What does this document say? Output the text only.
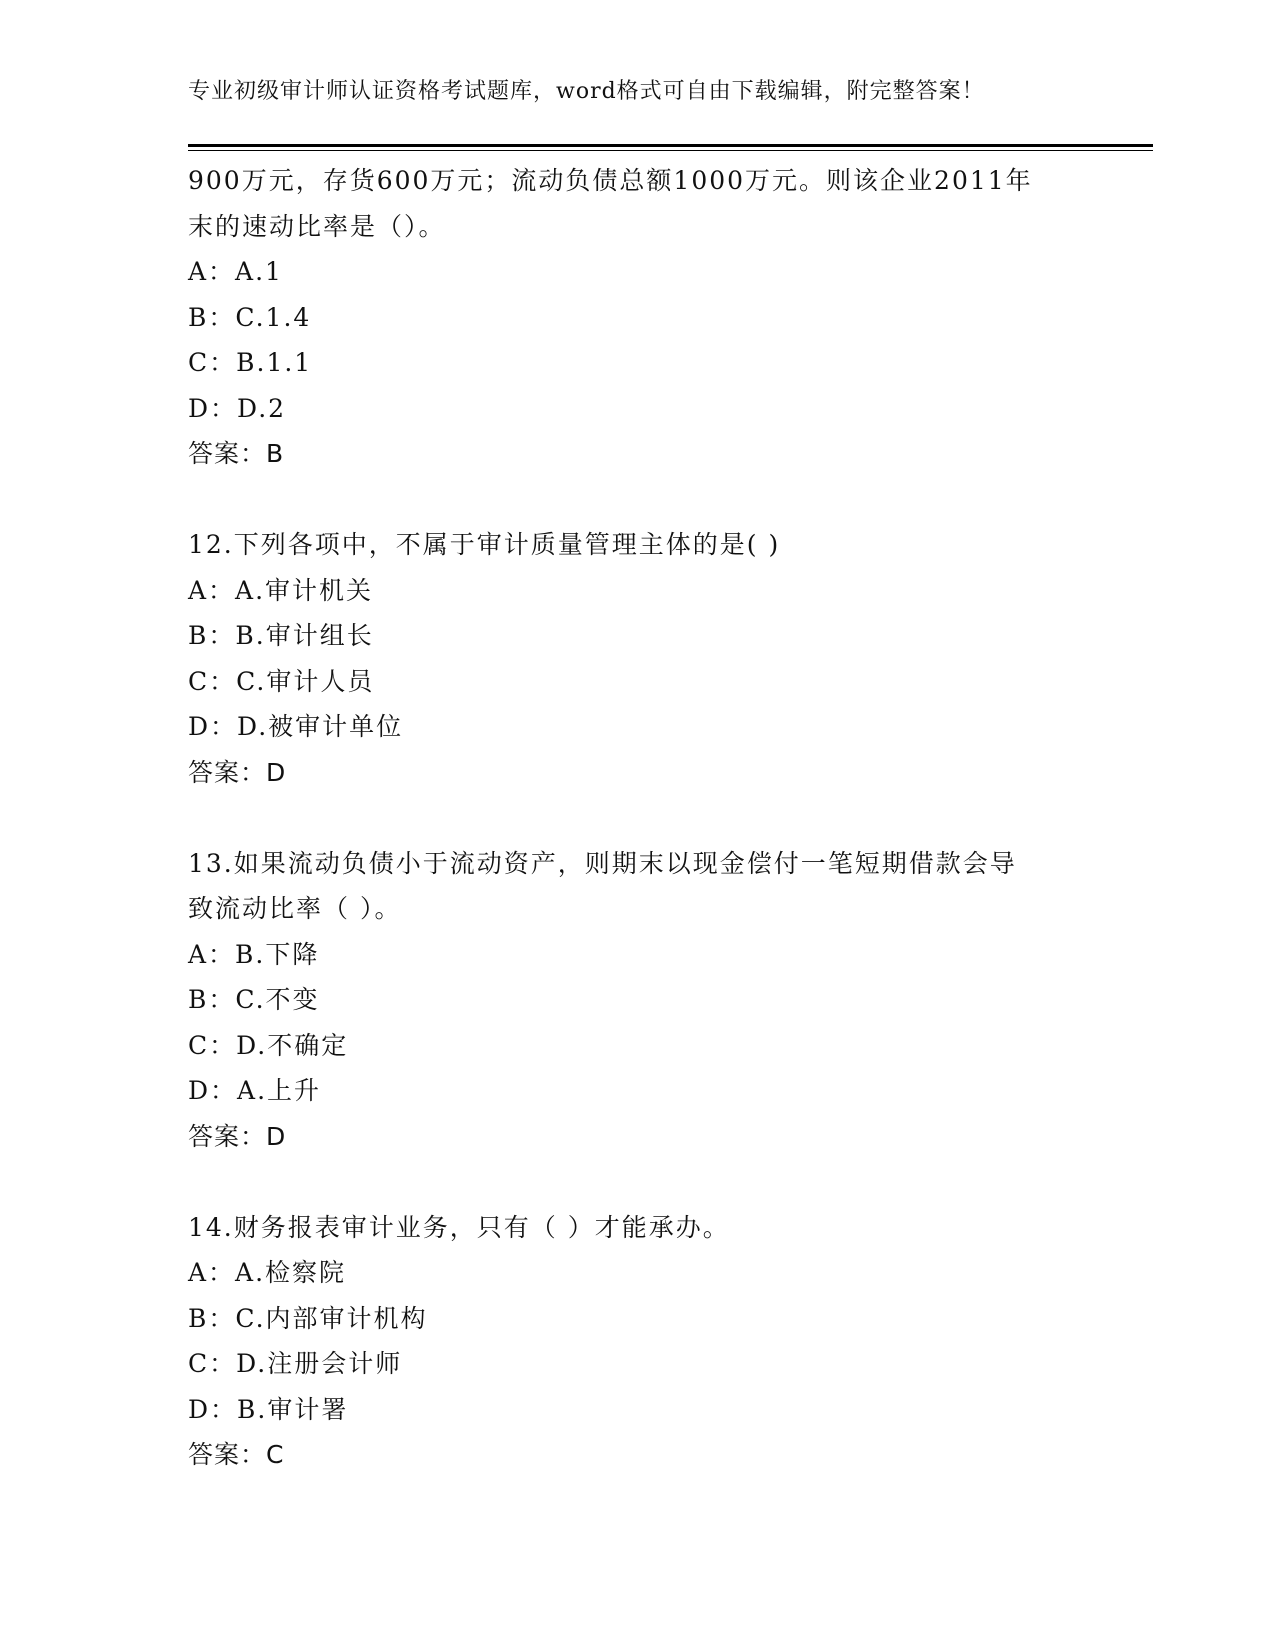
专业初级审计师认证资格考试题库，word格式可自由下载编辑，附完整答案！
900万元，存货600万元；流动负债总额1000万元。则该企业2011年
末的速动比率是（）。
A：A.1
B：C.1.4
C：B.1.1
D：D.2
答案：B
12.下列各项中，不属于审计质量管理主体的是( )
A：A.审计机关
B：B.审计组长
C：C.审计人员
D：D.被审计单位
答案：D
13.如果流动负债小于流动资产，则期末以现金偿付一笔短期借款会导
致流动比率（ ）。
A：B.下降
B：C.不变
C：D.不确定
D：A.上升
答案：D
14.财务报表审计业务，只有（ ）才能承办。
A：A.检察院
B：C.内部审计机构
C：D.注册会计师
D：B.审计署
答案：C
